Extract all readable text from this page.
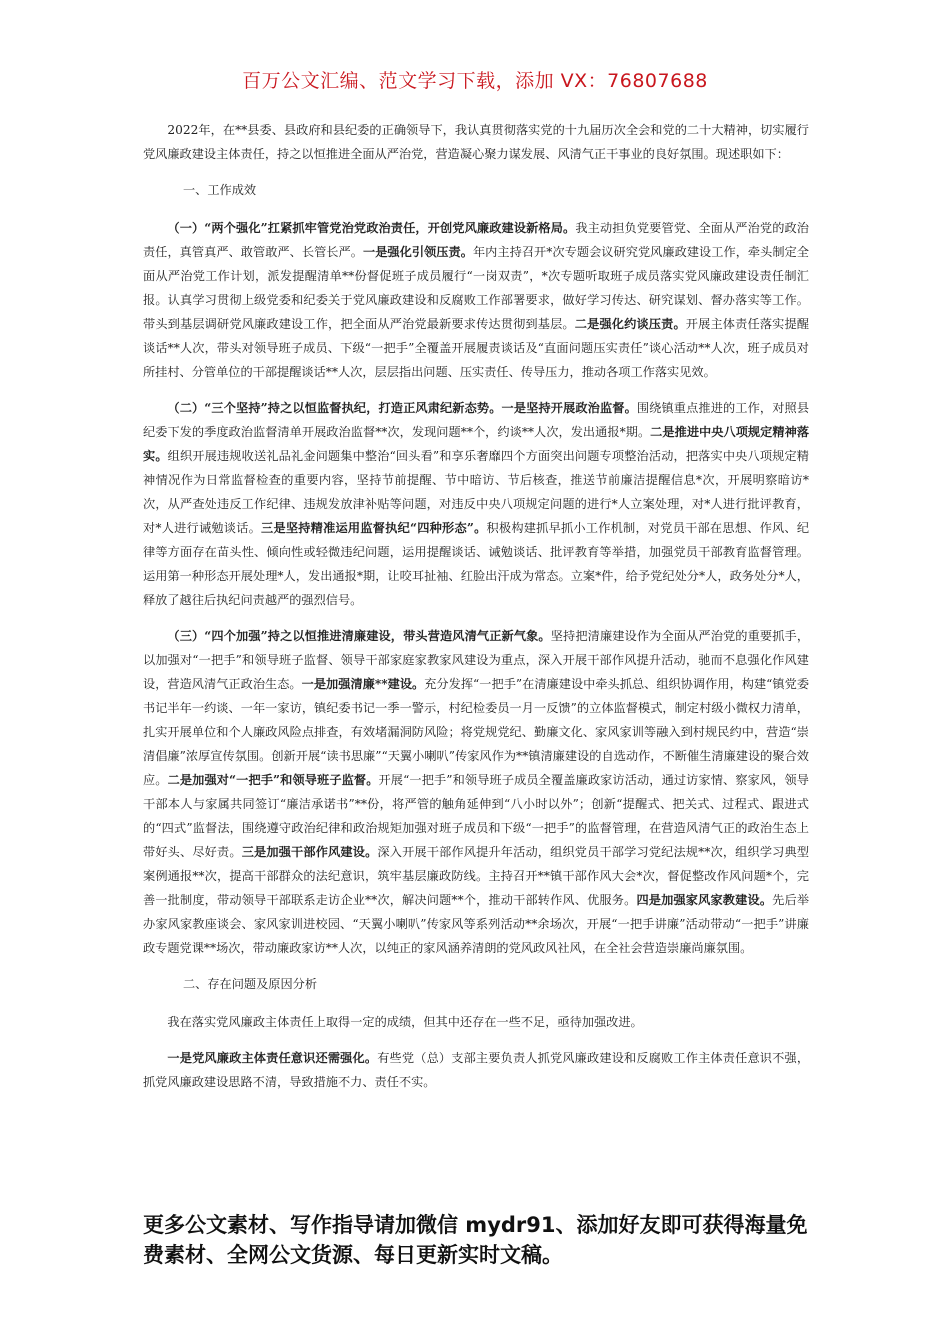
百万公文汇编、范文学习下载，添加 VX：76807688

2022年，在**县委、县政府和县纪委的正确领导下，我认真贯彻落实党的十九届历次全会和党的二十大精神，切实履行党风廉政建设主体责任，持之以恒推进全面从严治党，营造凝心聚力谋发展、风清气正干事业的良好氛围。现述职如下：

一、工作成效

（一）“两个强化”扛紧抓牢管党治党政治责任，开创党风廉政建设新格局。我主动担负党要管党、全面从严治党的政治责任，真管真严、敢管敢严、长管长严。一是强化引领压责。年内主持召开*次专题会议研究党风廉政建设工作，牵头制定全面从严治党工作计划，派发提醒清单**份督促班子成员履行“一岗双责”，*次专题听取班子成员落实党风廉政建设责任制汇报。认真学习贯彻上级党委和纪委关于党风廉政建设和反腐败工作部署要求，做好学习传达、研究谋划、督办落实等工作。带头到基层调研党风廉政建设工作，把全面从严治党最新要求传达贯彻到基层。二是强化约谈压责。开展主体责任落实提醒谈话**人次，带头对领导班子成员、下级“一把手”全覆盖开展履责谈话及“直面问题压实责任”谈心活动**人次，班子成员对所挂村、分管单位的干部提醒谈话**人次，层层指出问题、压实责任、传导压力，推动各项工作落实见效。

（二）“三个坚持”持之以恒监督执纪，打造正风肃纪新态势。一是坚持开展政治监督。围绕镇重点推进的工作，对照县纪委下发的季度政治监督清单开展政治监督**次，发现问题**个，约谈**人次，发出通报*期。二是推进中央八项规定精神落实。组织开展违规收送礼品礼金问题集中整治“回头看”和享乐奢靡四个方面突出问题专项整治活动，把落实中央八项规定精神情况作为日常监督检查的重要内容，坚持节前提醒、节中暗访、节后核查，推送节前廉洁提醒信息*次，开展明察暗访*次，从严查处违反工作纪律、违规发放津补贴等问题，对违反中央八项规定问题的进行*人立案处理，对*人进行批评教育，对*人进行诫勉谈话。三是坚持精准运用监督执纪“四种形态”。积极构建抓早抓小工作机制，对党员干部在思想、作风、纪律等方面存在苗头性、倾向性或轻微违纪问题，运用提醒谈话、诫勉谈话、批评教育等举措，加强党员干部教育监督管理。运用第一种形态开展处理*人，发出通报*期，让咬耳扯袖、红脸出汗成为常态。立案*件，给予党纪处分*人，政务处分*人，释放了越往后执纪问责越严的强烈信号。

（三）“四个加强”持之以恒推进清廉建设，带头营造风清气正新气象。坚持把清廉建设作为全面从严治党的重要抓手，以加强对“一把手”和领导班子监督、领导干部家庭家教家风建设为重点，深入开展干部作风提升活动，驰而不息强化作风建设，营造风清气正政治生态。一是加强清廉**建设。充分发挥“一把手”在清廉建设中牵头抓总、组织协调作用，构建“镇党委书记半年一约谈、一年一家访，镇纪委书记一季一警示，村纪检委员一月一反馈”的立体监督模式，制定村级小微权力清单，扎实开展单位和个人廉政风险点排查，有效堵漏洞防风险；将党规党纪、勤廉文化、家风家训等融入到村规民约中，营造“崇清倡廉”浓厚宣传氛围。创新开展“读书思廉”“天翼小喇叭”传家风作为**镇清廉建设的自选动作，不断催生清廉建设的聚合效应。二是加强对“一把手”和领导班子监督。开展“一把手”和领导班子成员全覆盖廉政家访活动，通过访家情、察家风，领导干部本人与家属共同签订“廉洁承诺书”**份，将严管的触角延伸到“八小时以外”；创新“提醒式、把关式、过程式、跟进式的“四式”监督法，围绕遵守政治纪律和政治规矩加强对班子成员和下级“一把手”的监督管理，在营造风清气正的政治生态上带好头、尽好责。三是加强干部作风建设。深入开展干部作风提升年活动，组织党员干部学习党纪法规**次，组织学习典型案例通报**次，提高干部群众的法纪意识，筑牢基层廉政防线。主持召开**镇干部作风大会*次，督促整改作风问题*个，完善一批制度，带动领导干部联系走访企业**次，解决问题**个，推动干部转作风、优服务。四是加强家风家教建设。先后举办家风家教座谈会、家风家训进校园、“天翼小喇叭”传家风等系列活动**余场次，开展“一把手讲廉”活动带动“一把手”讲廉政专题党课**场次，带动廉政家访**人次，以纯正的家风涵养清朗的党风政风社风，在全社会营造崇廉尚廉氛围。

二、存在问题及原因分析

我在落实党风廉政主体责任上取得一定的成绩，但其中还存在一些不足，亟待加强改进。

一是党风廉政主体责任意识还需强化。有些党（总）支部主要负责人抓党风廉政建设和反腐败工作主体责任意识不强，抓党风廉政建设思路不清，导致措施不力、责任不实。

更多公文素材、写作指导请加微信 mydr91、添加好友即可获得海量免费素材、全网公文货源、每日更新实时文稿。
